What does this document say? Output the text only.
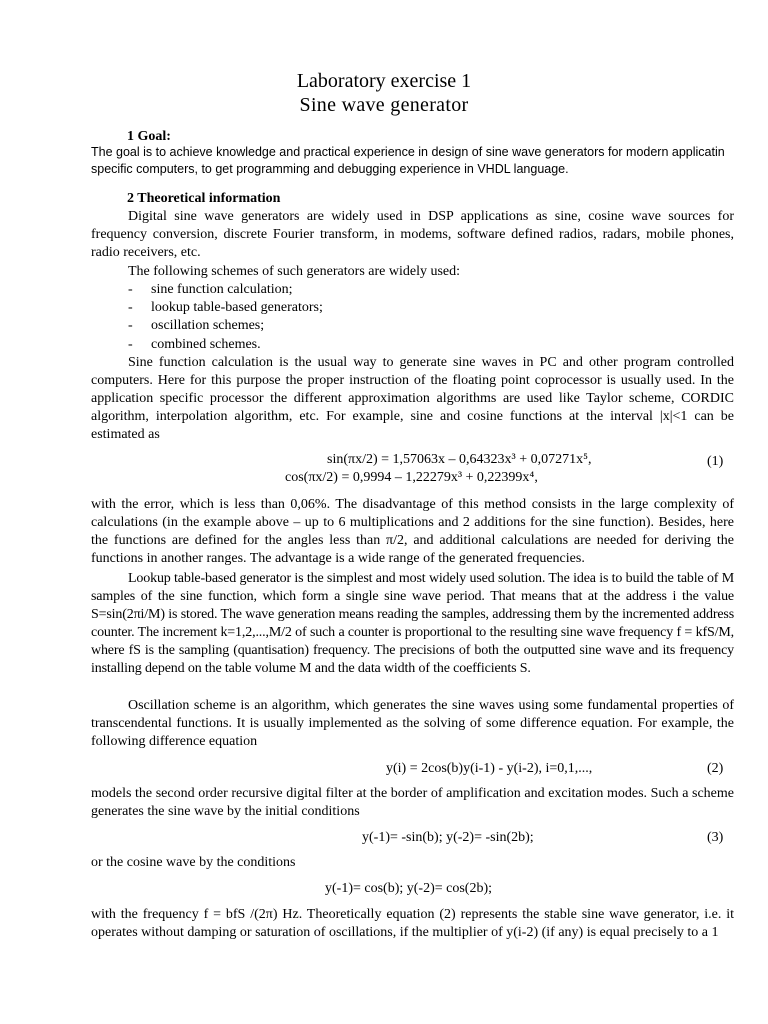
Laboratory exercise 1
Sine wave generator
1 Goal:
The goal is to achieve knowledge and practical experience in design of sine wave generators for modern applicatin specific computers, to get programming and debugging experience in VHDL language.
2 Theoretical information
Digital sine wave generators are widely used in DSP applications as sine, cosine wave sources for frequency conversion, discrete Fourier transform, in modems, software defined radios, radars, mobile phones, radio receivers, etc.
The following schemes of such generators are widely used:
- sine function calculation;
- lookup table-based generators;
- oscillation schemes;
- combined schemes.
Sine function calculation is the usual way to generate sine waves in PC and other program controlled computers. Here for this purpose the proper instruction of the floating point coprocessor is usually used. In the application specific processor the different approximation algorithms are used like Taylor scheme, CORDIC algorithm, interpolation algorithm, etc. For example, sine and cosine functions at the interval |x|<1 can be estimated as
sin(πx/2) = 1,57063x – 0,64323x³ + 0,07271x⁵,
cos(πx/2) = 0,9994 – 1,22279x³ + 0,22399x⁴,
(1)
with the error, which is less than 0,06%. The disadvantage of this method consists in the large complexity of calculations (in the example above – up to 6 multiplications and 2 additions for the sine function). Besides, here the functions are defined for the angles less than π/2, and additional calculations are needed for deriving the functions in another ranges. The advantage is a wide range of the generated frequencies.
Lookup table-based generator is the simplest and most widely used solution. The idea is to build the table of M samples of the sine function, which form a single sine wave period. That means that at the address i the value S=sin(2πi/M) is stored. The wave generation means reading the samples, addressing them by the incremented address counter. The increment k=1,2,...,M/2 of such a counter is proportional to the resulting sine wave frequency f = kfS/M, where fS is the sampling (quantisation) frequency. The precisions of both the outputted sine wave and its frequency installing depend on the table volume M and the data width of the coefficients S.
Oscillation scheme is an algorithm, which generates the sine waves using some fundamental properties of transcendental functions. It is usually implemented as the solving of some difference equation. For example, the following difference equation
y(i) = 2cos(b)y(i-1) - y(i-2), i=0,1,...,	(2)
models the second order recursive digital filter at the border of amplification and excitation modes. Such a scheme generates the sine wave by the initial conditions
y(-1)= -sin(b); y(-2)= -sin(2b);	(3)
or the cosine wave by the conditions
y(-1)= cos(b); y(-2)= cos(2b);
with the frequency f = bfS /(2π) Hz. Theoretically equation (2) represents the stable sine wave generator, i.e. it operates without damping or saturation of oscillations, if the multiplier of y(i-2) (if any) is equal precisely to a 1
